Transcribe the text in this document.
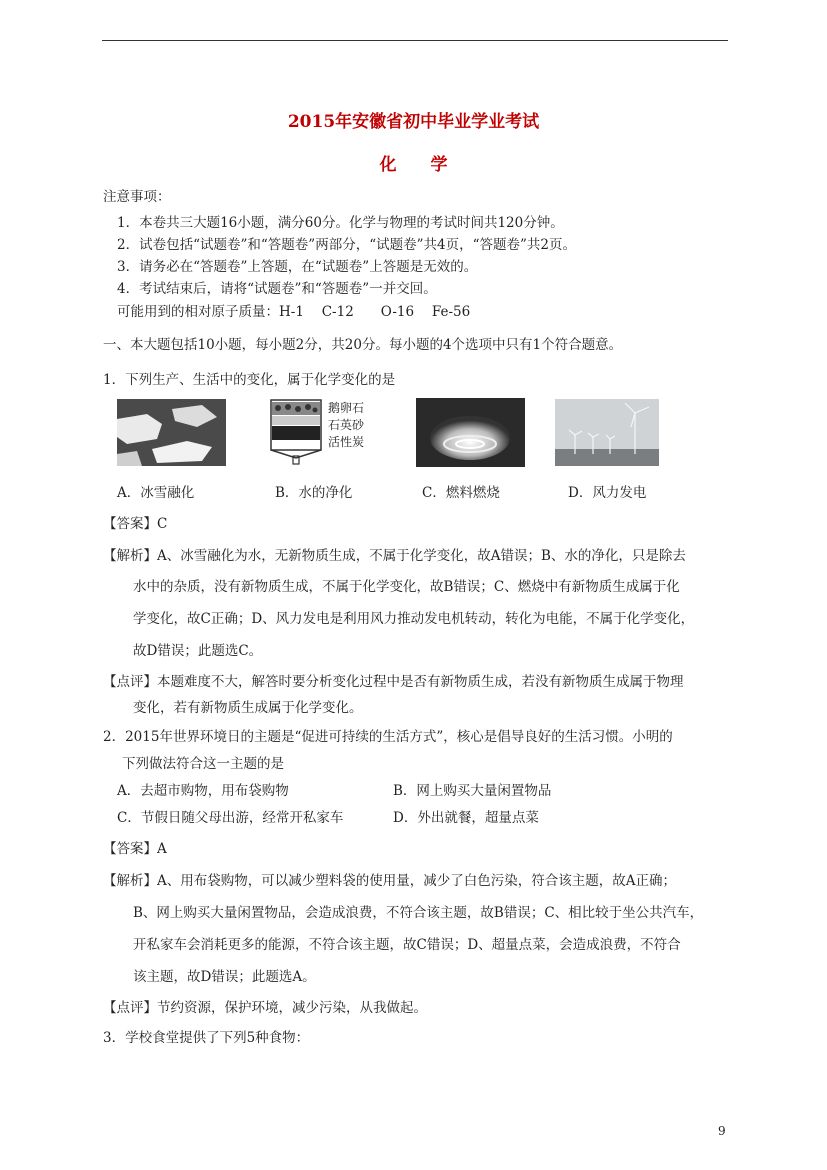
2015年安徽省初中毕业学业考试
化　　学
注意事项：
1．本卷共三大题16小题，满分60分。化学与物理的考试时间共120分钟。
2．试卷包括“试题卷”和“答题卷”两部分，“试题卷”共4页，“答题卷”共2页。
3．请务必在“答题卷”上答题，在“试题卷”上答题是无效的。
4．考试结束后，请将“试题卷”和“答题卷”一并交回。
可能用到的相对原子质量：H-1　 C-12　　O-16　 Fe-56
一、本大题包括10小题，每小题2分，共20分。每小题的4个选项中只有1个符合题意。
1．下列生产、生活中的变化，属于化学变化的是
鹅卵石
石英砂
活性炭
A．冰雪融化	B．水的净化	C．燃料燃烧	D．风力发电
【答案】C
【解析】A、冰雪融化为水，无新物质生成，不属于化学变化，故A错误；B、水的净化，只是除去
水中的杂质，没有新物质生成，不属于化学变化，故B错误；C、燃烧中有新物质生成属于化
学变化，故C正确；D、风力发电是利用风力推动发电机转动，转化为电能，不属于化学变化，
故D错误；此题选C。
【点评】本题难度不大，解答时要分析变化过程中是否有新物质生成，若没有新物质生成属于物理
变化，若有新物质生成属于化学变化。
2．2015年世界环境日的主题是“促进可持续的生活方式”，核心是倡导良好的生活习惯。小明的
下列做法符合这一主题的是
A．去超市购物，用布袋购物	B．网上购买大量闲置物品
C．节假日随父母出游，经常开私家车	D．外出就餐，超量点菜
【答案】A
【解析】A、用布袋购物，可以减少塑料袋的使用量，减少了白色污染，符合该主题，故A正确；
B、网上购买大量闲置物品，会造成浪费，不符合该主题，故B错误；C、相比较于坐公共汽车，
开私家车会消耗更多的能源，不符合该主题，故C错误；D、超量点菜，会造成浪费，不符合
该主题，故D错误；此题选A。
【点评】节约资源，保护环境，减少污染，从我做起。
3．学校食堂提供了下列5种食物：
9
